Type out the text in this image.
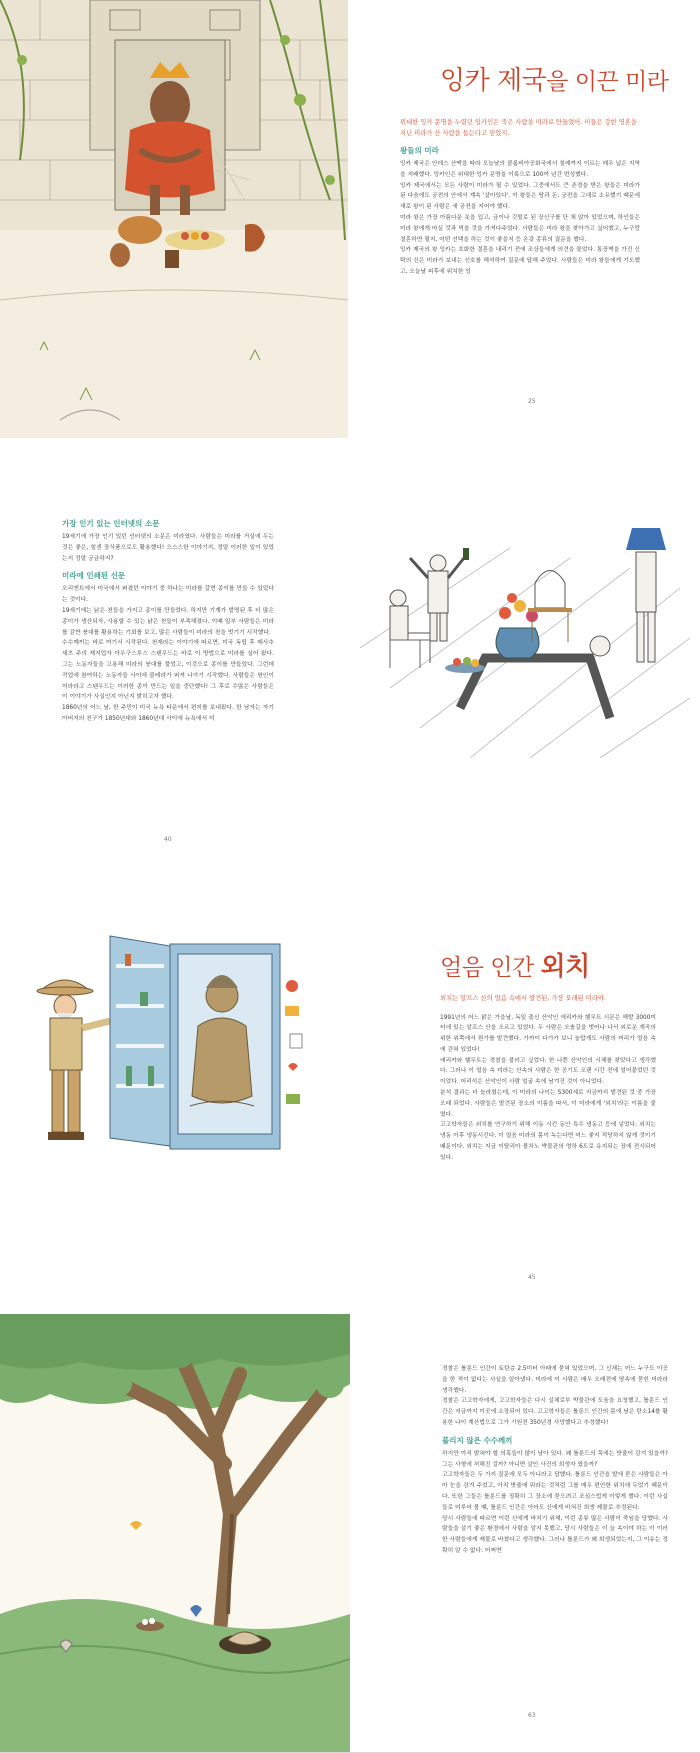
잉카 제국을 이끈 미라
위대한 잉카 문명을 누렸던 잉카인은 죽은 사람을 미라로 만들었어. 미들은 강한 영혼을 지닌 미라가 산 사람을 돕는다고 믿었지.
왕들의 미라
잉카 제국은 안데스 산맥을 따라 오늘날의 콜롬비아공화국에서 칠레까지 이르는 매우 넓은 지역을 지배했다. 잉카인은 위대한 잉카 문명을 이룩으로 100여 년간 번성했다.
잉카 제국에서는 모든 사람이 미라가 될 수 있었다. 그중에서도 큰 존경을 받은 왕들은 미라가 된 다음에도 궁전의 안에서 계속 '살아있다'. 이 왕들은 땅과 돈, 궁전을 그대로 소유했기 때문에 새로 왕이 된 사람은 새 궁전을 지어야 했다.
미라 왕은 가장 아름다운 옷을 입고, 금이나 깃털로 된 장신구를 단 채 앉아 있었으며, 하인들은 미라 왕에게 마실 것과 먹을 것을 가져다주었다. 사람들은 미라 왕을 찾아가고 싶어했고, 누구랑 결혼하면 될지, 어떤 선택을 하는 것이 좋을지 등 온갖 종류의 질문을 했다.
잉카 제국의 왕 잉카는 호화한 결혼을 내리기 전에 조상들에게 의견을 물었다. 통장벽을 가진 신탁의 신은 미라가 보내는 신호를 해석하여 질문에 답해 주었다. 사람들은 미라 왕들에게 기도했고, 오늘날 피후에 위치한 잉
25
가장 인기 있는 인터넷의 소문
19세기에 가장 인기 있던 인터넷의 소문은 미라였다. 사람들은 미라를 거실에 두는 것은 좋은, 힘센 장식품으로도 활용했다! 으스스한 이야기지, 정말 이러한 일이 있었는지 정말 궁금하지?
미라에 인쇄된 신문
오리엔트에서 미국에서 퍼졌던 이야기 중 하나는 미라를 갈면 종이를 만들 수 있었다는 것이다.
19세기에는 낡은 천들을 가지고 종이를 만들었다. 하지만 기계가 발명된 후 더 많은 종이가 생산되자, 사용할 수 있는 낡은 천들이 부족해졌다. 이때 일부 사람들은 미라를 감싼 붕대를 활용하는 기회를 보고, 많은 사람들이 미라의 천을 벗기기 시작했다.
수수께끼는 바로 여기서 시작된다. 천재라는 이야기에 따르면, 미국 독립 후 매사추세츠 주의 제지업자 아우구스투스 스탠우드는 바로 이 방법으로 미라를 실어 왔다. 그는 노동자들을 고용해 미라의 붕대를 풀었고, 이것으로 종이를 만들었다. 그런데 작업에 참여하는 노동자들 사이에 콜레라가 퍼져 나가기 시작했다. 사람들은 원인이 미라라고 스탠우드는 이러한 종이 만드는 일을 중단했다! 그 후로 수많은 사람들은 이 이야기가 사실인지 아닌지 밝히고자 했다.
1860년의 어느 날, 한 주민이 미국 뉴욕 타운에서 편지를 보내왔다. 한 남자는 자기 아버지의 친구가 1850년대와 1860년대 사이에 뉴욕에서 미
40
얼음 인간 외치
외치는 알프스 산의 얼음 속에서 발견된, 가장 오래된 미라야.
1991년의 어느 맑은 가을날, 독일 출신 산악인 에리카와 헬무트 시몬은 해발 3000미터에 있는 알프스 산을 오르고 있었다. 두 사람은 오솔길을 벗어나 나서 외로운 계곡의 위한 위쪽에서 뭔가를 발견했다. 가까이 다가가 보니 놀랍게도 사람의 머리가 얼음 속에 갇혀 있었다!
에리카와 헬무트는 경찰을 불러고 싶었다. 한 나쁜 산악인의 시체를 찾았다고 생각했다. 그러나 이 얼음 속 미라는 산속의 사람은 한 공기도 오랜 시간 전에 얼어붙었던 것이었다. 어리석은 산악인이 사람 얼굴 속에 남겨진 것이 아니었다.
분석 결과는 더 놀라웠는데, 이 미라의 나이는 5300세로 지금까지 발견된 것 중 가장 오래 되었다. 사람들은 발견된 장소의 이름을 따서, 이 미라에게 '외치'라는 이름을 붙였다.
고고학자들은 외치를 연구하기 위해 이동 시킨 동안 특수 냉동고 등에 넣었다. 외치는 냉동 이후 냉동시킨다. 이 얼음 미라의 몸이 녹는다면 어느 좋지 적당하지 않게 것이기 때문이다. 외치는 지금 이탈리아 볼차노 박물관의 영하 6도로 유지되는 장에 전시되어 있다.
45
경찰은 톨룬드 인간이 토탄층 2.5미터 아래에 묻혀 있었으며, 그 신체는 어느 누구도 이곳을 한 적이 없다는 사실을 알아냈다. 미라에 이 사람은 매우 오래전에 땅속에 묻힌 미라라 생각했다.
경찰은 고고학자에게, 고고학자들은 다시 실체로부 박물관에 도움을 요청했고, 톨룬드 인간은 지금까지 이곳에 소장되어 있다. 고고학자들은 톨룬드 인간의 몸에 남은 탄소14를 활용한 나이 계산법으로 그가 기원전 350년경 사망했다고 추정했다!
풀리지 않은 수수께끼
하지만 아직 밝혀야 할 의혹들이 많이 남아 있다. 왜 톨룬드의 목에는 밧줄이 감겨 있을까? 그는 사형에 처해진 걸까? 아니면 살인 사건의 희생자 였을까?
고고학자들은 두 가지 질문에 모두 아니라고 답했다. 톨룬드 인간을 발에 묻은 사람들은 아마 눈을 감겨 주었고, 아직 밧줄에 뭐라는 것처럼 그를 매우 편안한 위치에 두었기 때문이다. 또한 그들은 톨룬드를 정확히 그 장소에 묻으려고 조심스럽게 이렇게 했다. 이런 사실들로 미루어 볼 때, 톨룬드 인간은 아마도 신에게 바쳐진 희생 제물로 추정된다.
당시 사람들에 따르면 이런 신에게 바치기 위해, 이런 종류 많은 사람이 죽임을 당했다. 사람들을 살기 좋은 환경에서 사람을 알지 못했고, 당시 사람들은 이 늪 속이야 하는 이 이러한 사람들에게 제물로 바쳤다고 생각했다. 그러나 톨룬드가 왜 희생되었는지, 그 이유는 정확히 알 수 없다. 어쩌면
63
